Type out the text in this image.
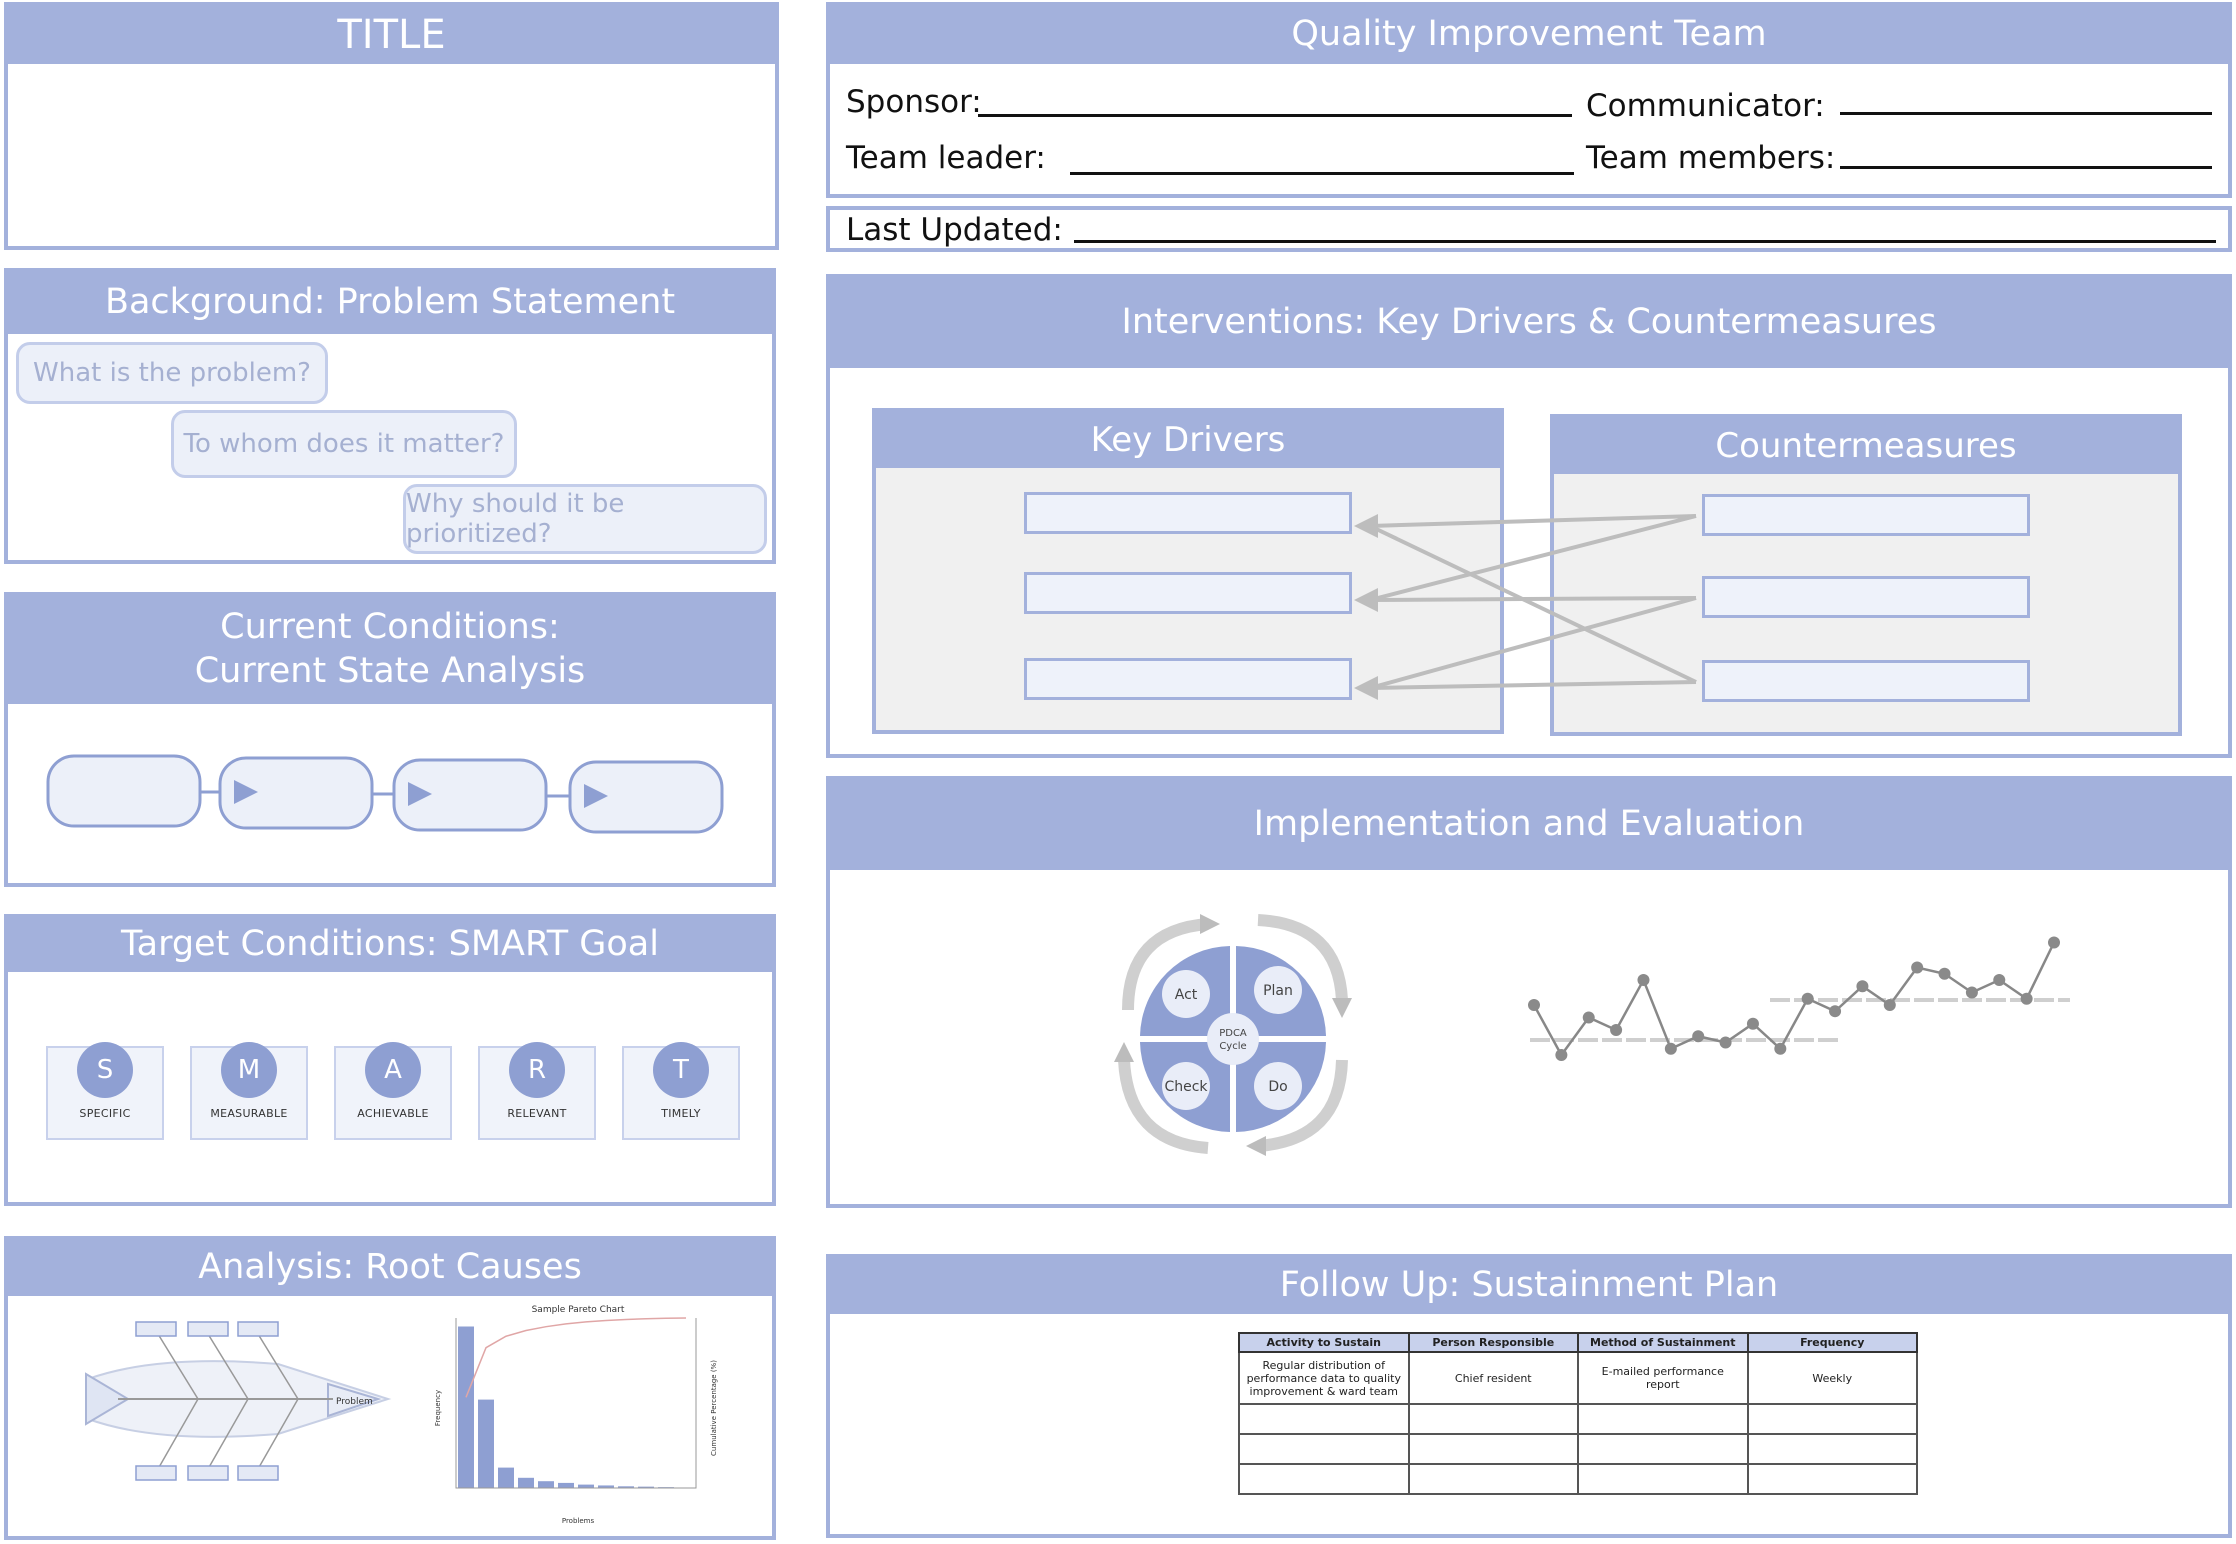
TITLE
Background: Problem Statement
What is the problem?
To whom does it matter?
Why should it be prioritized?
Current Conditions:
Current State Analysis
Target Conditions: SMART Goal
S
SPECIFIC
M
MEASURABLE
A
ACHIEVABLE
R
RELEVANT
T
TIMELY
Analysis: Root Causes
Problem
Sample Pareto Chart
Frequency	Cumulative Percentage (%)
Problems
Quality Improvement Team
Sponsor:	Communicator:
Team leader:	Team members:
Last Updated:
Interventions: Key Drivers & Countermeasures
Key Drivers	Countermeasures
Implementation and Evaluation
Act	Plan
Check	Do
PDCA
Cycle
Follow Up: Sustainment Plan
Activity to Sustain	Person Responsible	Method of Sustainment	Frequency
Regular distribution of performance data to quality improvement & ward team	Chief resident	E-mailed performance report	Weekly
